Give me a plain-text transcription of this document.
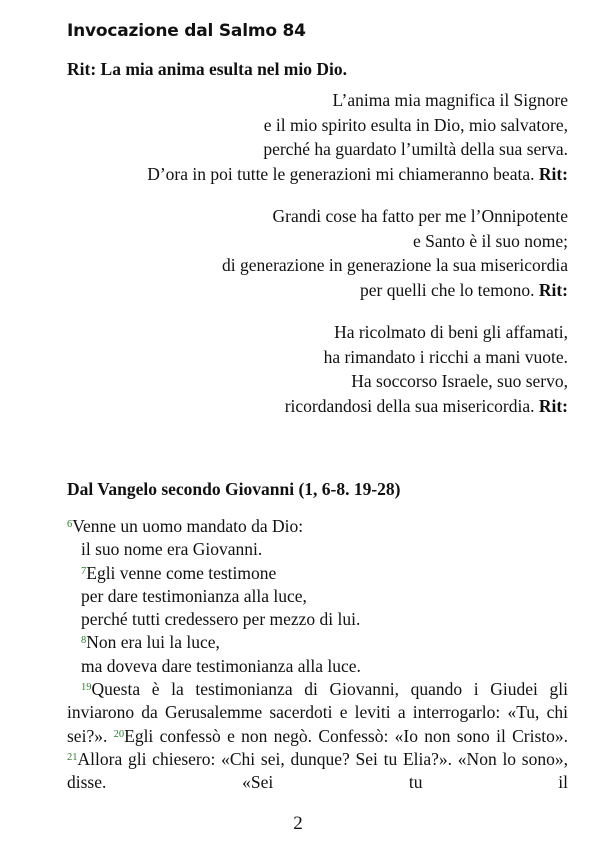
Invocazione dal Salmo 84
Rit: La mia anima esulta nel mio Dio.
L’anima mia magnifica il Signore
e il mio spirito esulta in Dio, mio salvatore,
perché ha guardato l’umiltà della sua serva.
D’ora in poi tutte le generazioni mi chiameranno beata. Rit:
Grandi cose ha fatto per me l’Onnipotente
e Santo è il suo nome;
di generazione in generazione la sua misericordia
per quelli che lo temono. Rit:
Ha ricolmato di beni gli affamati,
ha rimandato i ricchi a mani vuote.
Ha soccorso Israele, suo servo,
ricordandosi della sua misericordia. Rit:
Dal Vangelo secondo Giovanni (1, 6-8. 19-28)
$^6$Venne un uomo mandato da Dio:
il suo nome era Giovanni.
$^7$Egli venne come testimone
per dare testimonianza alla luce,
perché tutti credessero per mezzo di lui.
$^8$Non era lui la luce,
ma doveva dare testimonianza alla luce.
$^{19}$Questa è la testimonianza di Giovanni, quando i Giudei gli inviarono da Gerusalemme sacerdoti e leviti a interrogarlo: «Tu, chi sei?». $^{20}$Egli confessò e non negò. Confessò: «Io non sono il Cristo». $^{21}$Allora gli chiesero: «Chi sei, dunque? Sei tu Elia?». «Non lo sono», disse. «Sei tu il
2
